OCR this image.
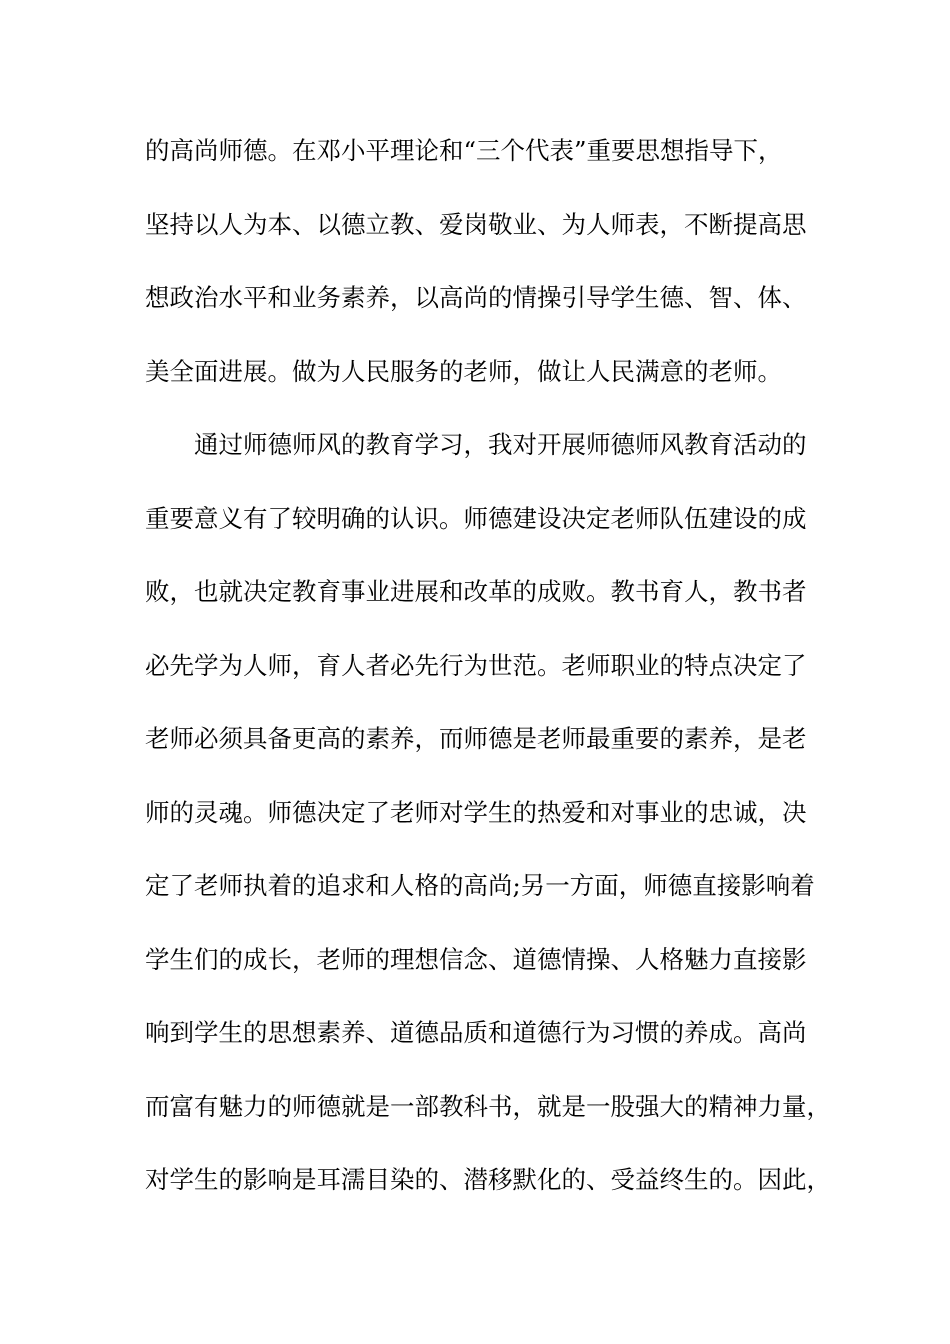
的高尚师德。在邓小平理论和“三个代表”重要思想指导下，
坚持以人为本、以德立教、爱岗敬业、为人师表，不断提高思
想政治水平和业务素养，以高尚的情操引导学生德、智、体、
美全面进展。做为人民服务的老师，做让人民满意的老师。
通过师德师风的教育学习，我对开展师德师风教育活动的
重要意义有了较明确的认识。师德建设决定老师队伍建设的成
败，也就决定教育事业进展和改革的成败。教书育人，教书者
必先学为人师，育人者必先行为世范。老师职业的特点决定了
老师必须具备更高的素养，而师德是老师最重要的素养，是老
师的灵魂。师德决定了老师对学生的热爱和对事业的忠诚，决
定了老师执着的追求和人格的高尚;另一方面，师德直接影响着
学生们的成长，老师的理想信念、道德情操、人格魅力直接影
响到学生的思想素养、道德品质和道德行为习惯的养成。高尚
而富有魅力的师德就是一部教科书，就是一股强大的精神力量，
对学生的影响是耳濡目染的、潜移默化的、受益终生的。因此，
